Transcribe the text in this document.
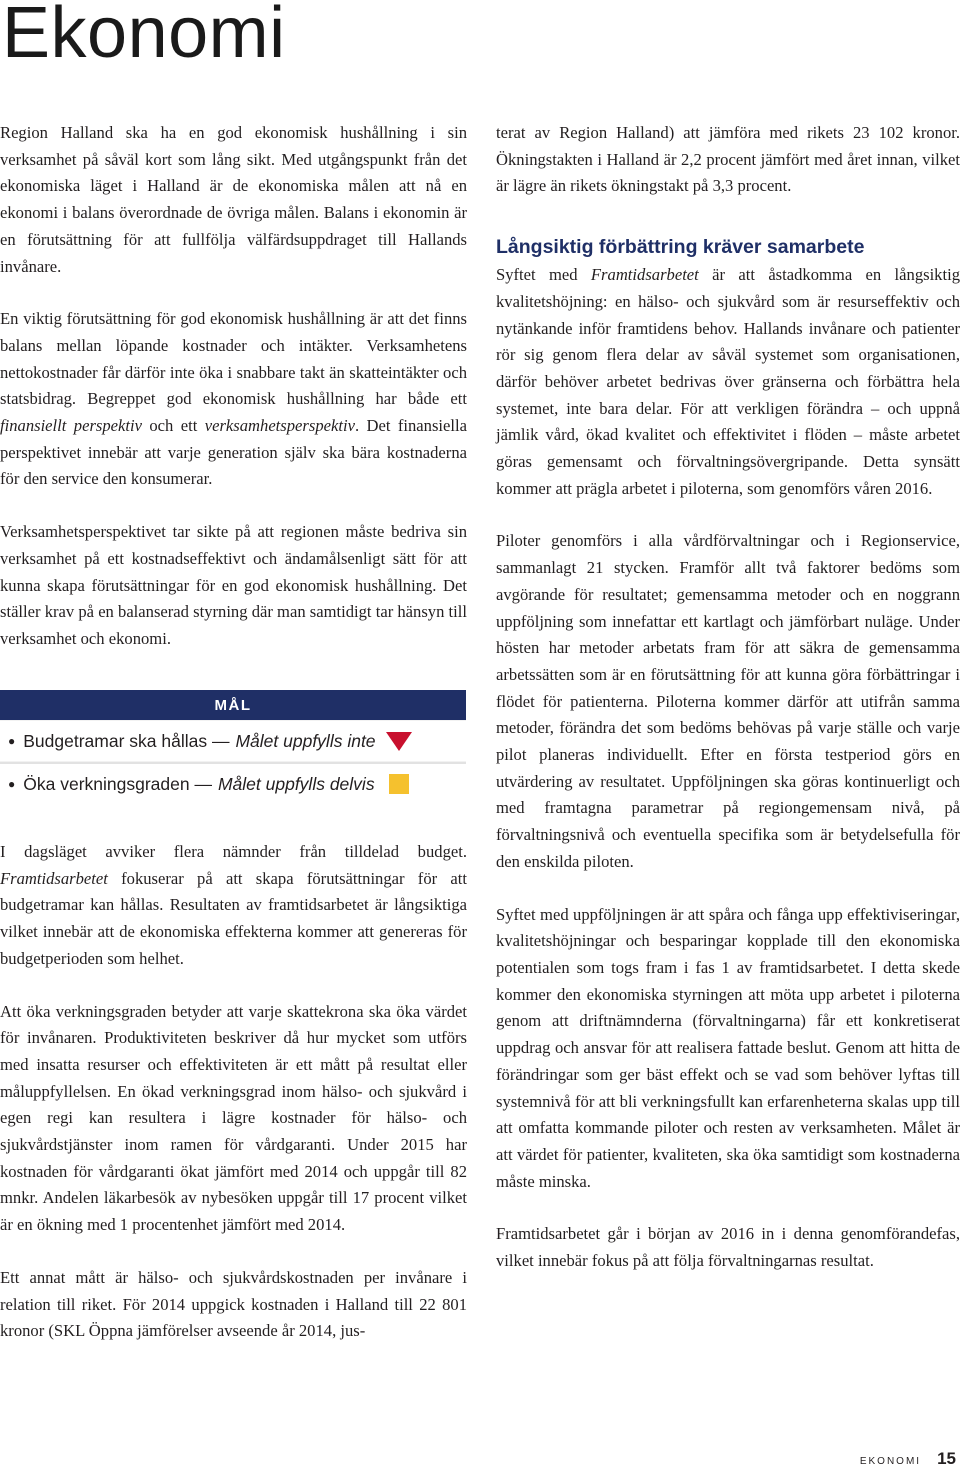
Ekonomi

Region Halland ska ha en god ekonomisk hushållning i sin verksamhet på såväl kort som lång sikt. Med utgångspunkt från det ekonomiska läget i Halland är de ekonomiska målen att nå en ekonomi i balans överordnade de övriga målen. Balans i ekonomin är en förutsättning för att fullfölja välfärdsuppdraget till Hallands invånare.

En viktig förutsättning för god ekonomisk hushållning är att det finns balans mellan löpande kostnader och intäkter. Verksamhetens nettokostnader får därför inte öka i snabbare takt än skatteintäkter och statsbidrag. Begreppet god ekonomisk hushållning har både ett finansiellt perspektiv och ett verksamhetsperspektiv. Det finansiella perspektivet innebär att varje generation själv ska bära kostnaderna för den service den konsumerar.

Verksamhetsperspektivet tar sikte på att regionen måste bedriva sin verksamhet på ett kostnadseffektivt och ändamålsenligt sätt för att kunna skapa förutsättningar för en god ekonomisk hushållning. Det ställer krav på en balanserad styrning där man samtidigt tar hänsyn till verksamhet och ekonomi.

MÅL
● Budgetramar ska hållas — Målet uppfylls inte
● Öka verkningsgraden — Målet uppfylls delvis

I dagsläget avviker flera nämnder från tilldelad budget. Framtidsarbetet fokuserar på att skapa förutsättningar för att budgetramar kan hållas. Resultaten av framtidsarbetet är långsiktiga vilket innebär att de ekonomiska effekterna kommer att genereras för budgetperioden som helhet.

Att öka verkningsgraden betyder att varje skattekrona ska öka värdet för invånaren. Produktiviteten beskriver då hur mycket som utförs med insatta resurser och effektiviteten är ett mått på resultat eller måluppfyllelsen. En ökad verkningsgrad inom hälso- och sjukvård i egen regi kan resultera i lägre kostnader för hälso- och sjukvårdstjänster inom ramen för vårdgaranti. Under 2015 har kostnaden för vårdgaranti ökat jämfört med 2014 och uppgår till 82 mnkr. Andelen läkarbesök av nybesöken uppgår till 17 procent vilket är en ökning med 1 procentenhet jämfört med 2014.

Ett annat mått är hälso- och sjukvårdskostnaden per invånare i relation till riket. För 2014 uppgick kostnaden i Halland till 22 801 kronor (SKL Öppna jämförelser avseende år 2014, jus-

terat av Region Halland) att jämföra med rikets 23 102 kronor. Ökningstakten i Halland är 2,2 procent jämfört med året innan, vilket är lägre än rikets ökningstakt på 3,3 procent.

Långsiktig förbättring kräver samarbete

Syftet med Framtidsarbetet är att åstadkomma en långsiktig kvalitetshöjning: en hälso- och sjukvård som är resurseffektiv och nytänkande inför framtidens behov. Hallands invånare och patienter rör sig genom flera delar av såväl systemet som organisationen, därför behöver arbetet bedrivas över gränserna och förbättra hela systemet, inte bara delar. För att verkligen förändra – och uppnå jämlik vård, ökad kvalitet och effektivitet i flöden – måste arbetet göras gemensamt och förvaltningsövergripande. Detta synsätt kommer att prägla arbetet i piloterna, som genomförs våren 2016.

Piloter genomförs i alla vårdförvaltningar och i Regionservice, sammanlagt 21 stycken. Framför allt två faktorer bedöms som avgörande för resultatet; gemensamma metoder och en noggrann uppföljning som innefattar ett kartlagt och jämförbart nuläge. Under hösten har metoder arbetats fram för att säkra de gemensamma arbetssätten som är en förutsättning för att kunna göra förbättringar i flödet för patienterna. Piloterna kommer därför att utifrån samma metoder, förändra det som bedöms behövas på varje ställe och varje pilot planeras individuellt. Efter en första testperiod görs en utvärdering av resultatet. Uppföljningen ska göras kontinuerligt och med framtagna parametrar på regiongemensam nivå, på förvaltningsnivå och eventuella specifika som är betydelsefulla för den enskilda piloten.

Syftet med uppföljningen är att spåra och fånga upp effektiviseringar, kvalitetshöjningar och besparingar kopplade till den ekonomiska potentialen som togs fram i fas 1 av framtidsarbetet. I detta skede kommer den ekonomiska styrningen att möta upp arbetet i piloterna genom att driftnämnderna (förvaltningarna) får ett konkretiserat uppdrag och ansvar för att realisera fattade beslut. Genom att hitta de förändringar som ger bäst effekt och se vad som behöver lyftas till systemnivå för att bli verkningsfullt kan erfarenheterna skalas upp till att omfatta kommande piloter och resten av verksamheten. Målet är att värdet för patienter, kvaliteten, ska öka samtidigt som kostnaderna måste minska.

Framtidsarbetet går i början av 2016 in i denna genomförandefas, vilket innebär fokus på att följa förvaltningarnas resultat.

ekonomi 15
